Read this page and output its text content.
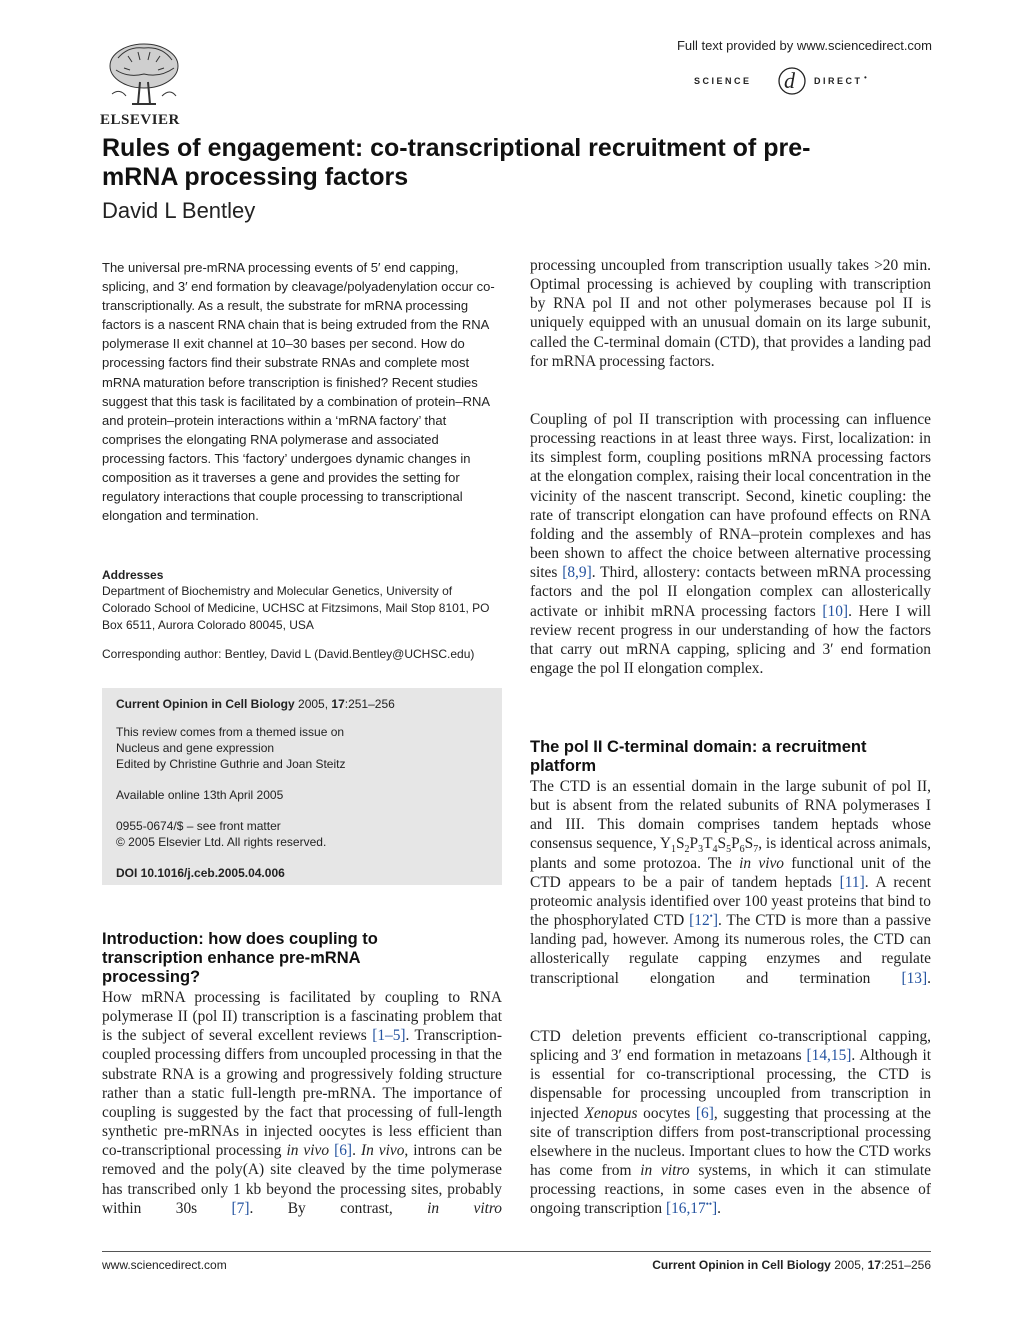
ELSEVIER
Full text provided by www.sciencedirect.com
SCIENCE d DIRECT •
Rules of engagement: co-transcriptional recruitment of pre-mRNA processing factors
David L Bentley
The universal pre-mRNA processing events of 5′ end capping, splicing, and 3′ end formation by cleavage/polyadenylation occur co-transcriptionally. As a result, the substrate for mRNA processing factors is a nascent RNA chain that is being extruded from the RNA polymerase II exit channel at 10–30 bases per second. How do processing factors find their substrate RNAs and complete most mRNA maturation before transcription is finished? Recent studies suggest that this task is facilitated by a combination of protein–RNA and protein–protein interactions within a ‘mRNA factory’ that comprises the elongating RNA polymerase and associated processing factors. This ‘factory’ undergoes dynamic changes in composition as it traverses a gene and provides the setting for regulatory interactions that couple processing to transcriptional elongation and termination.
Addresses
Department of Biochemistry and Molecular Genetics, University of Colorado School of Medicine, UCHSC at Fitzsimons, Mail Stop 8101, PO Box 6511, Aurora Colorado 80045, USA
Corresponding author: Bentley, David L (David.Bentley@UCHSC.edu)

Current Opinion in Cell Biology 2005, 17:251–256

This review comes from a themed issue on

Nucleus and gene expression

Edited by Christine Guthrie and Joan Steitz

Available online 13th April 2005

0955-0674/$ – see front matter

© 2005 Elsevier Ltd. All rights reserved.

DOI 10.1016/j.ceb.2005.04.006

Introduction: how does coupling to transcription enhance pre-mRNA processing?
How mRNA processing is facilitated by coupling to RNA polymerase II (pol II) transcription is a fascinating problem that is the subject of several excellent reviews [1–5]. Transcription-coupled processing differs from uncoupled processing in that the substrate RNA is a growing and progressively folding structure rather than a static full-length pre-mRNA. The importance of coupling is suggested by the fact that processing of full-length synthetic pre-mRNAs in injected oocytes is less efficient than co-transcriptional processing in vivo [6]. In vivo, introns can be removed and the poly(A) site cleaved by the time polymerase has transcribed only 1 kb beyond the processing sites, probably within 30s [7]. By contrast, in vitro
processing uncoupled from transcription usually takes >20 min. Optimal processing is achieved by coupling with transcription by RNA pol II and not other polymerases because pol II is uniquely equipped with an unusual domain on its large subunit, called the C-terminal domain (CTD), that provides a landing pad for mRNA processing factors.
Coupling of pol II transcription with processing can influence processing reactions in at least three ways. First, localization: in its simplest form, coupling positions mRNA processing factors at the elongation complex, raising their local concentration in the vicinity of the nascent transcript. Second, kinetic coupling: the rate of transcript elongation can have profound effects on RNA folding and the assembly of RNA–protein complexes and has been shown to affect the choice between alternative processing sites [8,9]. Third, allostery: contacts between mRNA processing factors and the pol II elongation complex can allosterically activate or inhibit mRNA processing factors [10]. Here I will review recent progress in our understanding of how the factors that carry out mRNA capping, splicing and 3′ end formation engage the pol II elongation complex.
The pol II C-terminal domain: a recruitment platform
The CTD is an essential domain in the large subunit of pol II, but is absent from the related subunits of RNA polymerases I and III. This domain comprises tandem heptads whose consensus sequence, $Y_1S_2P_3T_4S_5P_6S_7$, is identical across animals, plants and some protozoa. The in vivo functional unit of the CTD appears to be a pair of tandem heptads [11]. A recent proteomic analysis identified over 100 yeast proteins that bind to the phosphorylated CTD [12•]. The CTD is more than a passive landing pad, however. Among its numerous roles, the CTD can allosterically regulate capping enzymes and regulate transcriptional elongation and termination [13].
CTD deletion prevents efficient co-transcriptional capping, splicing and 3′ end formation in metazoans [14,15]. Although it is essential for co-transcriptional processing, the CTD is dispensable for processing uncoupled from transcription in injected Xenopus oocytes [6], suggesting that processing at the site of transcription differs from post-transcriptional processing elsewhere in the nucleus. Important clues to how the CTD works has come from in vitro systems, in which it can stimulate processing reactions, in some cases even in the absence of ongoing transcription [16,17••].
www.sciencedirect.com	Current Opinion in Cell Biology 2005, 17:251–256
